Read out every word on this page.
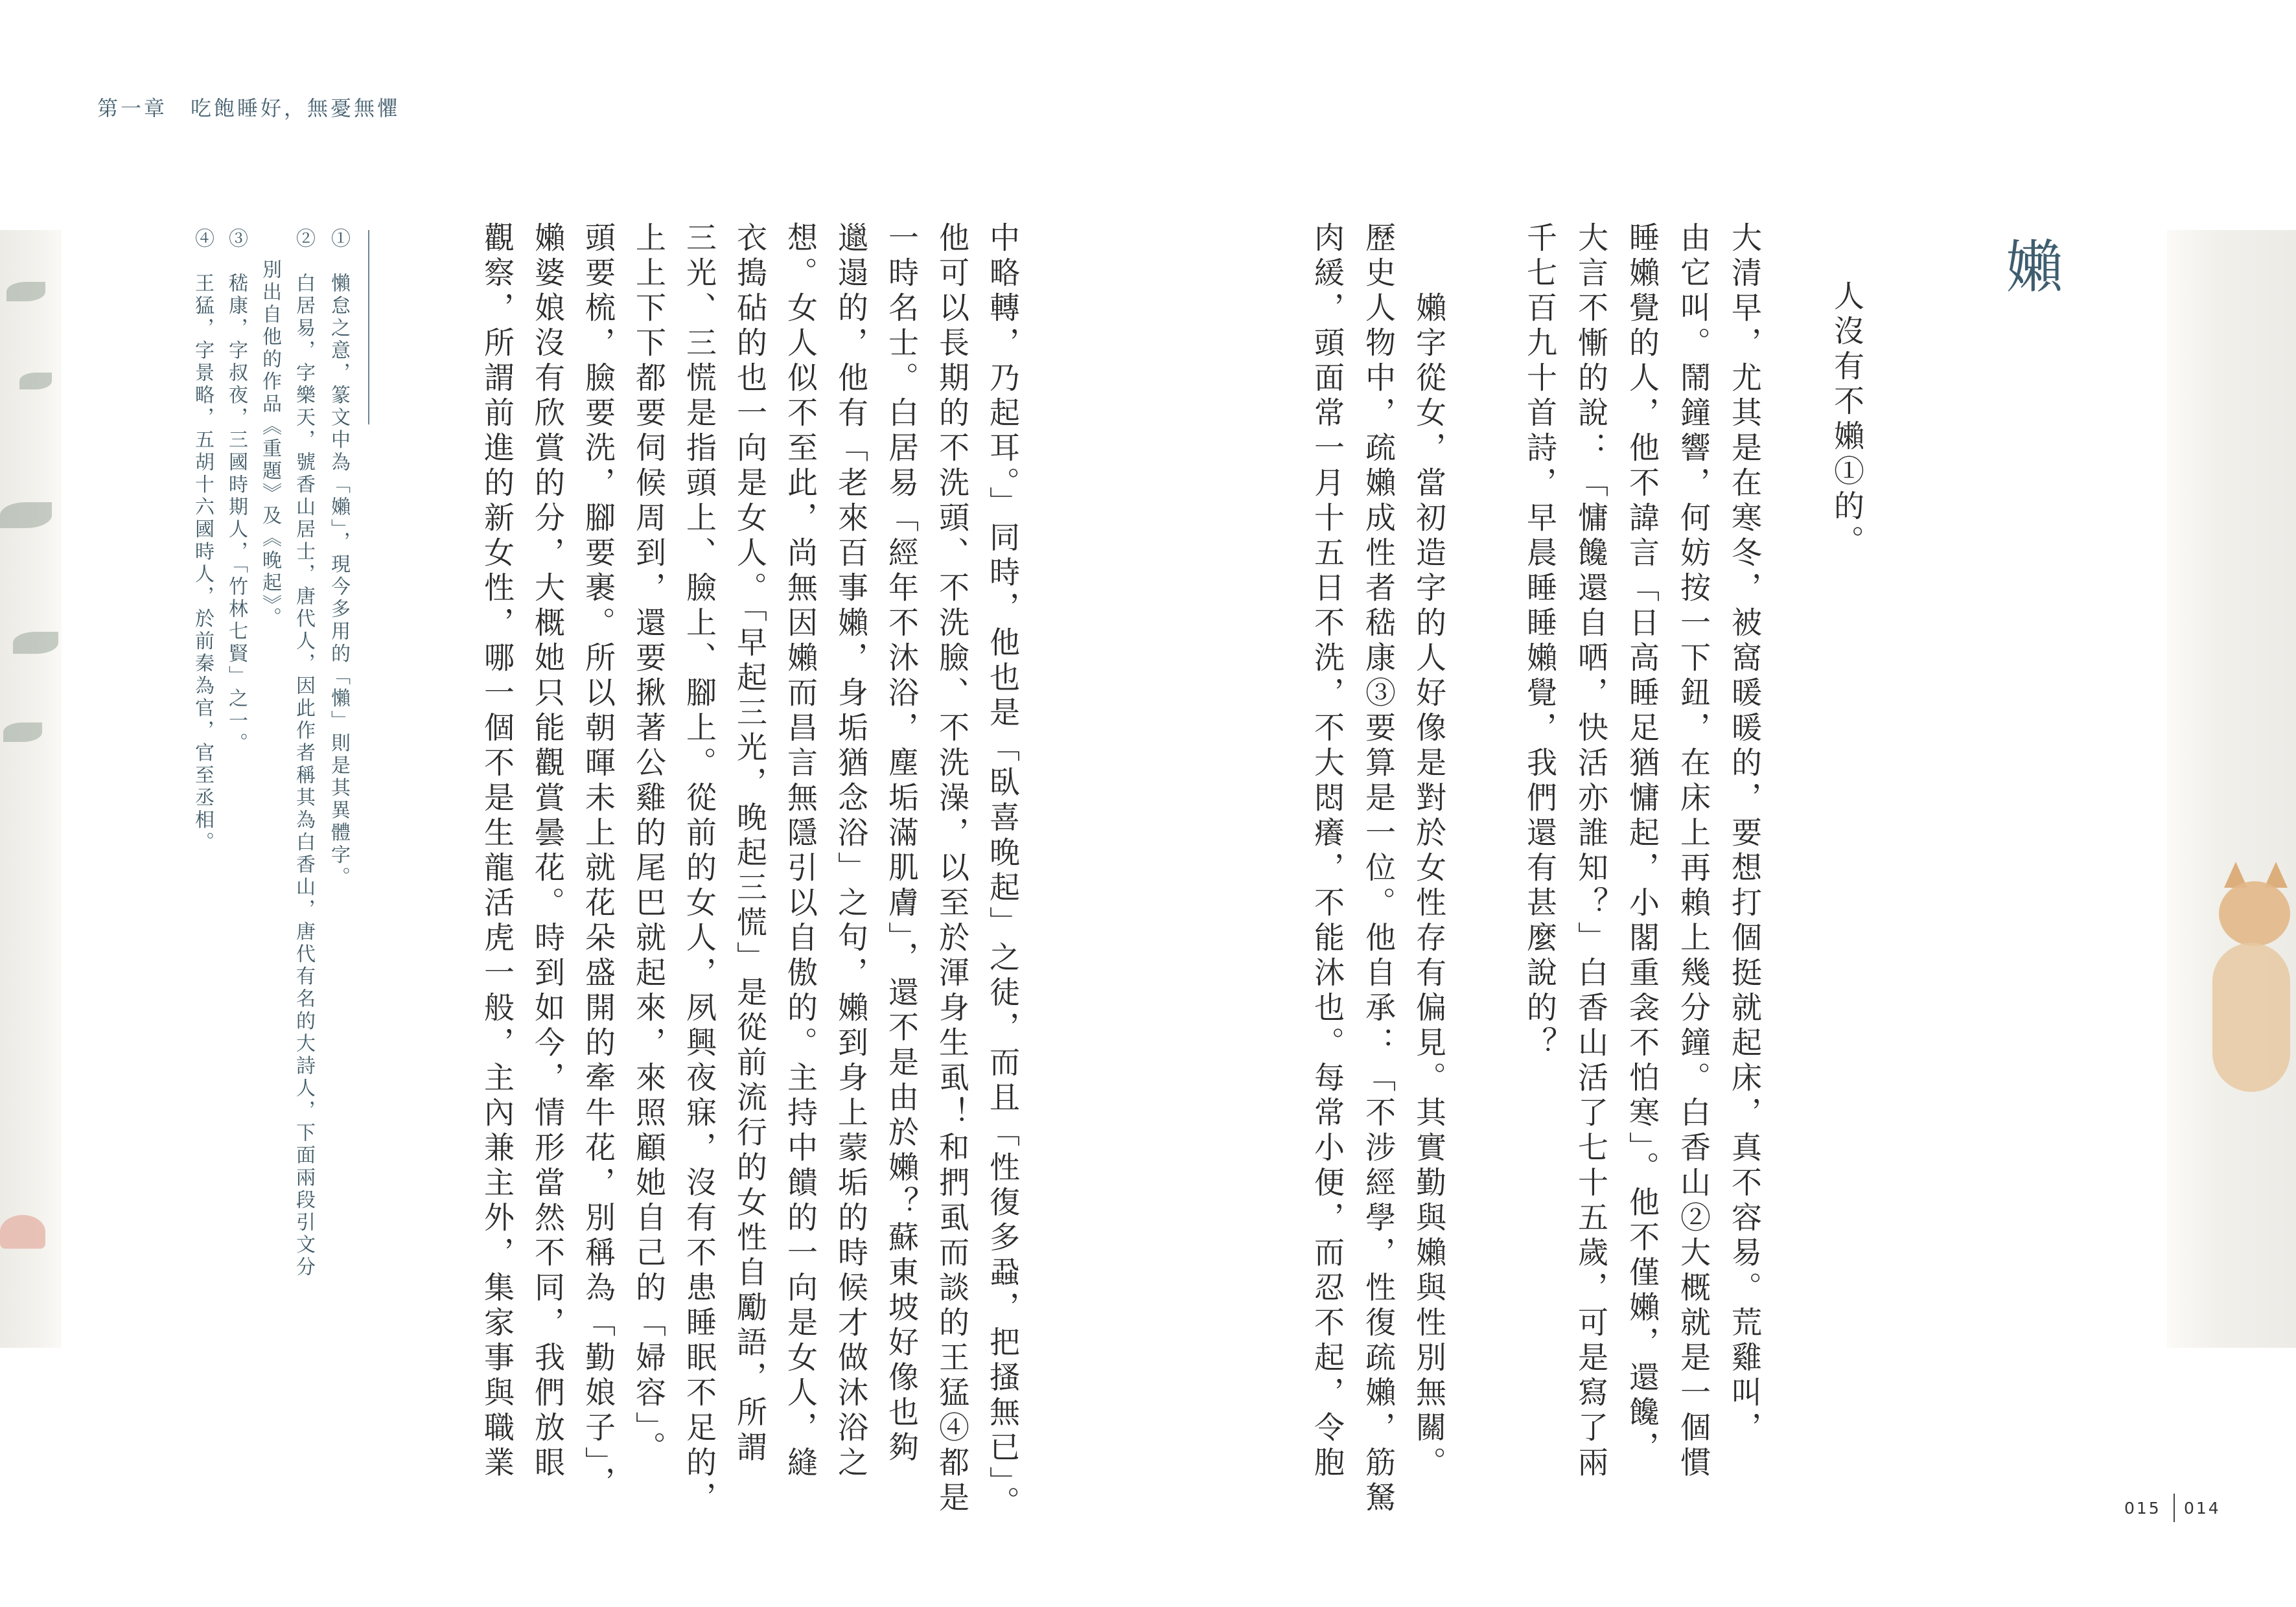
第一章　吃飽睡好，無憂無懼
嬾

人沒有不嬾①的。

大清早，尤其是在寒冬，被窩暖暖的，要想打個挺就起床，真不容易。荒雞叫，

由它叫。鬧鐘響，何妨按一下鈕，在床上再賴上幾分鐘。白香山②大概就是一個慣

睡嬾覺的人，他不諱言「日高睡足猶慵起，小閣重衾不怕寒」。他不僅嬾，還饞，

大言不慚的說：「慵饞還自哂，快活亦誰知？」白香山活了七十五歲，可是寫了兩

千七百九十首詩，早晨睡睡嬾覺，我們還有甚麼說的？

　　嬾字從女，當初造字的人好像是對於女性存有偏見。其實勤與嬾與性別無關。

歷史人物中，疏嬾成性者嵇康③要算是一位。他自承：「不涉經學，性復疏嬾，筋駑

肉緩，頭面常一月十五日不洗，不大悶癢，不能沐也。每常小便，而忍不起，令胞

中略轉，乃起耳。」同時，他也是「臥喜晚起」之徒，而且「性復多蝨，把搔無已」。

他可以長期的不洗頭、不洗臉、不洗澡，以至於渾身生虱！和捫虱而談的王猛④都是

一時名士。白居易「經年不沐浴，塵垢滿肌膚」，還不是由於嬾？蘇東坡好像也夠

邋遢的，他有「老來百事嬾，身垢猶念浴」之句，嬾到身上蒙垢的時候才做沐浴之

想。女人似不至此，尚無因嬾而昌言無隱引以自傲的。主持中饋的一向是女人，縫

衣搗砧的也一向是女人。「早起三光，晚起三慌」是從前流行的女性自勵語，所謂

三光、三慌是指頭上、臉上、腳上。從前的女人，夙興夜寐，沒有不患睡眠不足的，

上上下下都要伺候周到，還要揪著公雞的尾巴就起來，來照顧她自己的「婦容」。

頭要梳，臉要洗，腳要裹。所以朝暉未上就花朵盛開的牽牛花，別稱為「勤娘子」，

嬾婆娘沒有欣賞的分，大概她只能觀賞曇花。時到如今，情形當然不同，我們放眼

觀察，所謂前進的新女性，哪一個不是生龍活虎一般，主內兼主外，集家事與職業

①　懶怠之意，篆文中為「嬾」，現今多用的「懶」則是其異體字。

②　白居易，字樂天，號香山居士，唐代人，因此作者稱其為白香山，唐代有名的大詩人，下面兩段引文分

別出自他的作品《重題》及《晚起》。

③　嵇康，字叔夜，三國時期人，「竹林七賢」之一。

④　王猛，字景略，五胡十六國時人，於前秦為官，官至丞相。

015 014
